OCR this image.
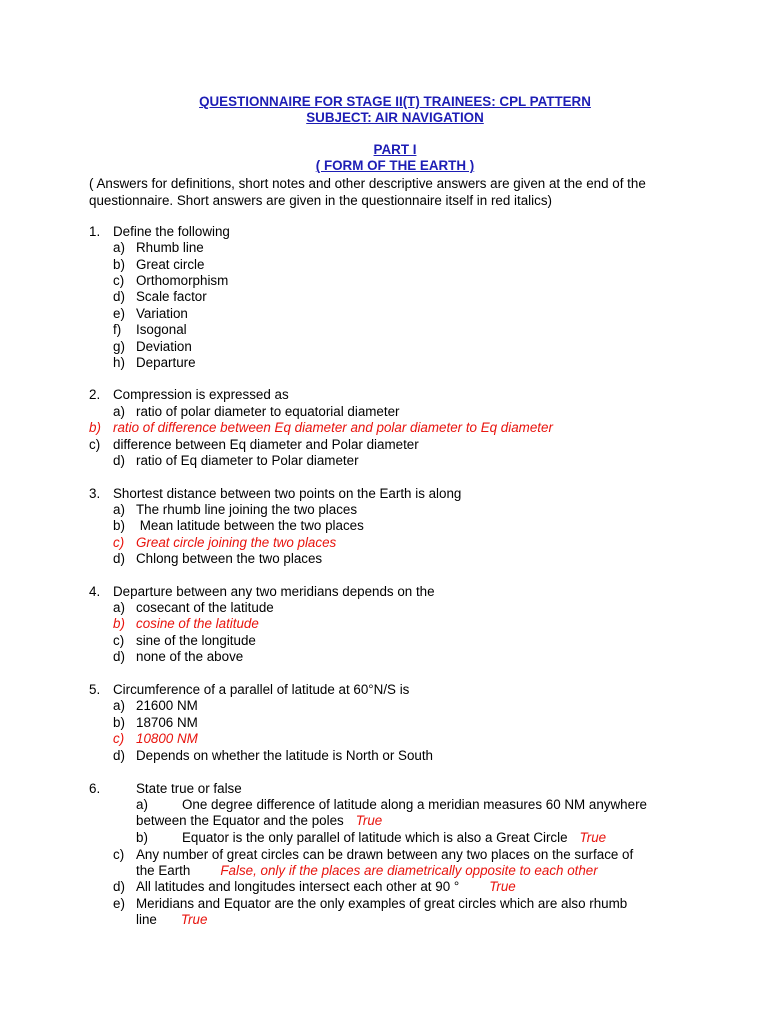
QUESTIONNAIRE FOR STAGE II(T) TRAINEES: CPL PATTERN
SUBJECT: AIR NAVIGATION
PART I
( FORM OF THE EARTH )
( Answers for definitions, short notes and other descriptive answers are given at the end of the questionnaire. Short answers are given in the questionnaire itself in red italics)
1. Define the following
a) Rhumb line
b) Great circle
c) Orthomorphism
d) Scale factor
e) Variation
f) Isogonal
g) Deviation
h) Departure
2. Compression is expressed as
a) ratio of polar diameter to equatorial diameter
b) ratio of difference between Eq diameter and polar diameter to Eq diameter
c) difference between Eq diameter and Polar diameter
d) ratio of Eq diameter to Polar diameter
3. Shortest distance between two points on the Earth is along
a) The rhumb line joining the two places
b) Mean latitude between the two places
c) Great circle joining the two places
d) Chlong between the two places
4. Departure between any two meridians depends on the
a) cosecant of the latitude
b) cosine of the latitude
c) sine of the longitude
d) none of the above
5. Circumference of a parallel of latitude at 60°N/S is
a) 21600 NM
b) 18706 NM
c) 10800 NM
d) Depends on whether the latitude is North or South
6.	State true or false
a)	One degree difference of latitude along a meridian measures 60 NM anywhere
between the Equator and the poles True
b)	Equator is the only parallel of latitude which is also a Great Circle True
c) Any number of great circles can be drawn between any two places on the surface of
the Earth False, only if the places are diametrically opposite to each other
d) All latitudes and longitudes intersect each other at 90 ° True
e) Meridians and Equator are the only examples of great circles which are also rhumb
line True
